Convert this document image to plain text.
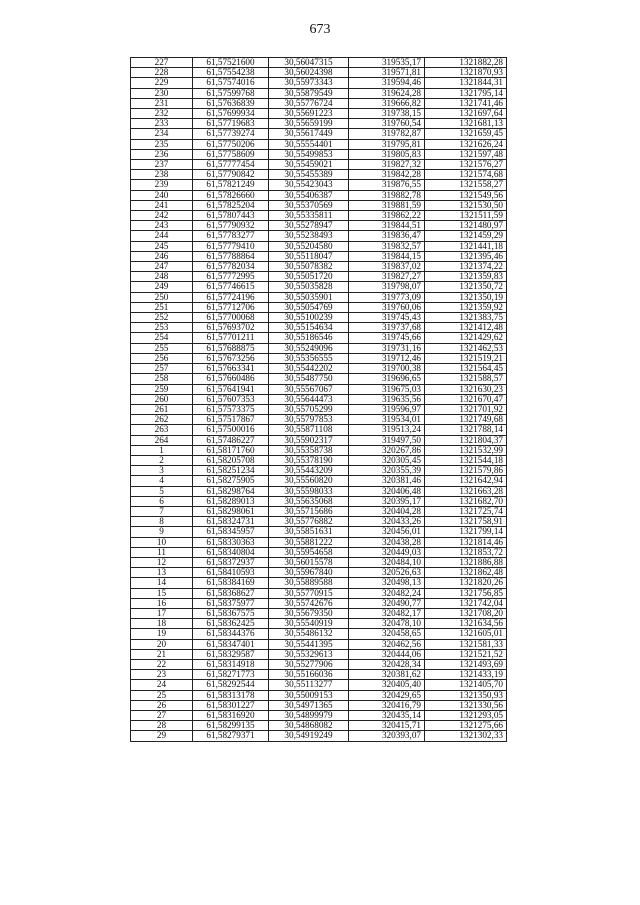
673
227	61,57521600	30,56047315	319535,17	1321882,28
228	61,57554238	30,56024398	319571,81	1321870,93
229	61,57574016	30,55973343	319594,46	1321844,31
230	61,57599768	30,55879549	319624,28	1321795,14
231	61,57636839	30,55776724	319666,82	1321741,46
232	61,57699934	30,55691223	319738,15	1321697,64
233	61,57719683	30,55659199	319760,54	1321681,13
234	61,57739274	30,55617449	319782,87	1321659,45
235	61,57750206	30,55554401	319795,81	1321626,24
236	61,57758609	30,55499853	319805,83	1321597,48
237	61,57777454	30,55459021	319827,32	1321576,27
238	61,57790842	30,55455389	319842,28	1321574,68
239	61,57821249	30,55423043	319876,55	1321558,27
240	61,57826660	30,55406387	319882,78	1321549,56
241	61,57825204	30,55370569	319881,59	1321530,50
242	61,57807443	30,55335811	319862,22	1321511,59
243	61,57790932	30,55278947	319844,51	1321480,97
244	61,57783277	30,55238493	319836,47	1321459,29
245	61,57779410	30,55204580	319832,57	1321441,18
246	61,57788864	30,55118047	319844,15	1321395,46
247	61,57782034	30,55078382	319837,02	1321374,22
248	61,57772995	30,55051720	319827,27	1321359,83
249	61,57746615	30,55035828	319798,07	1321350,72
250	61,57724196	30,55035901	319773,09	1321350,19
251	61,57712706	30,55054769	319760,06	1321359,92
252	61,57700068	30,55100239	319745,43	1321383,75
253	61,57693702	30,55154634	319737,68	1321412,48
254	61,57701211	30,55186546	319745,66	1321429,62
255	61,57688875	30,55249096	319731,16	1321462,53
256	61,57673256	30,55356555	319712,46	1321519,21
257	61,57663341	30,55442202	319700,38	1321564,45
258	61,57660486	30,55487750	319696,65	1321588,57
259	61,57641941	30,55567067	319675,03	1321630,23
260	61,57607353	30,55644473	319635,56	1321670,47
261	61,57573375	30,55705299	319596,97	1321701,92
262	61,57517867	30,55797853	319534,01	1321749,68
263	61,57500016	30,55871108	319513,24	1321788,14
264	61,57486227	30,55902317	319497,50	1321804,37
1	61,58171760	30,55358738	320267,86	1321532,99
2	61,58205708	30,55378190	320305,45	1321544,18
3	61,58251234	30,55443209	320355,39	1321579,86
4	61,58275905	30,55560820	320381,46	1321642,94
5	61,58298764	30,55598033	320406,48	1321663,28
6	61,58289013	30,55635068	320395,17	1321682,70
7	61,58298061	30,55715686	320404,28	1321725,74
8	61,58324731	30,55776882	320433,26	1321758,91
9	61,58345957	30,55851631	320456,01	1321799,14
10	61,58330363	30,55881222	320438,28	1321814,46
11	61,58340804	30,55954658	320449,03	1321853,72
12	61,58372937	30,56015578	320484,10	1321886,88
13	61,58410593	30,55967840	320526,63	1321862,48
14	61,58384169	30,55889588	320498,13	1321820,26
15	61,58368627	30,55770915	320482,24	1321756,85
16	61,58375977	30,55742676	320490,77	1321742,04
17	61,58367575	30,55679350	320482,17	1321708,20
18	61,58362425	30,55540919	320478,10	1321634,56
19	61,58344376	30,55486132	320458,65	1321605,01
20	61,58347401	30,55441395	320462,56	1321581,33
21	61,58329587	30,55329613	320444,06	1321521,52
22	61,58314918	30,55277906	320428,34	1321493,69
23	61,58271773	30,55166036	320381,62	1321433,19
24	61,58292544	30,55113277	320405,40	1321405,70
25	61,58313178	30,55009153	320429,65	1321350,93
26	61,58301227	30,54971365	320416,79	1321330,56
27	61,58316920	30,54899979	320435,14	1321293,05
28	61,58299135	30,54868082	320415,71	1321275,66
29	61,58279371	30,54919249	320393,07	1321302,33
